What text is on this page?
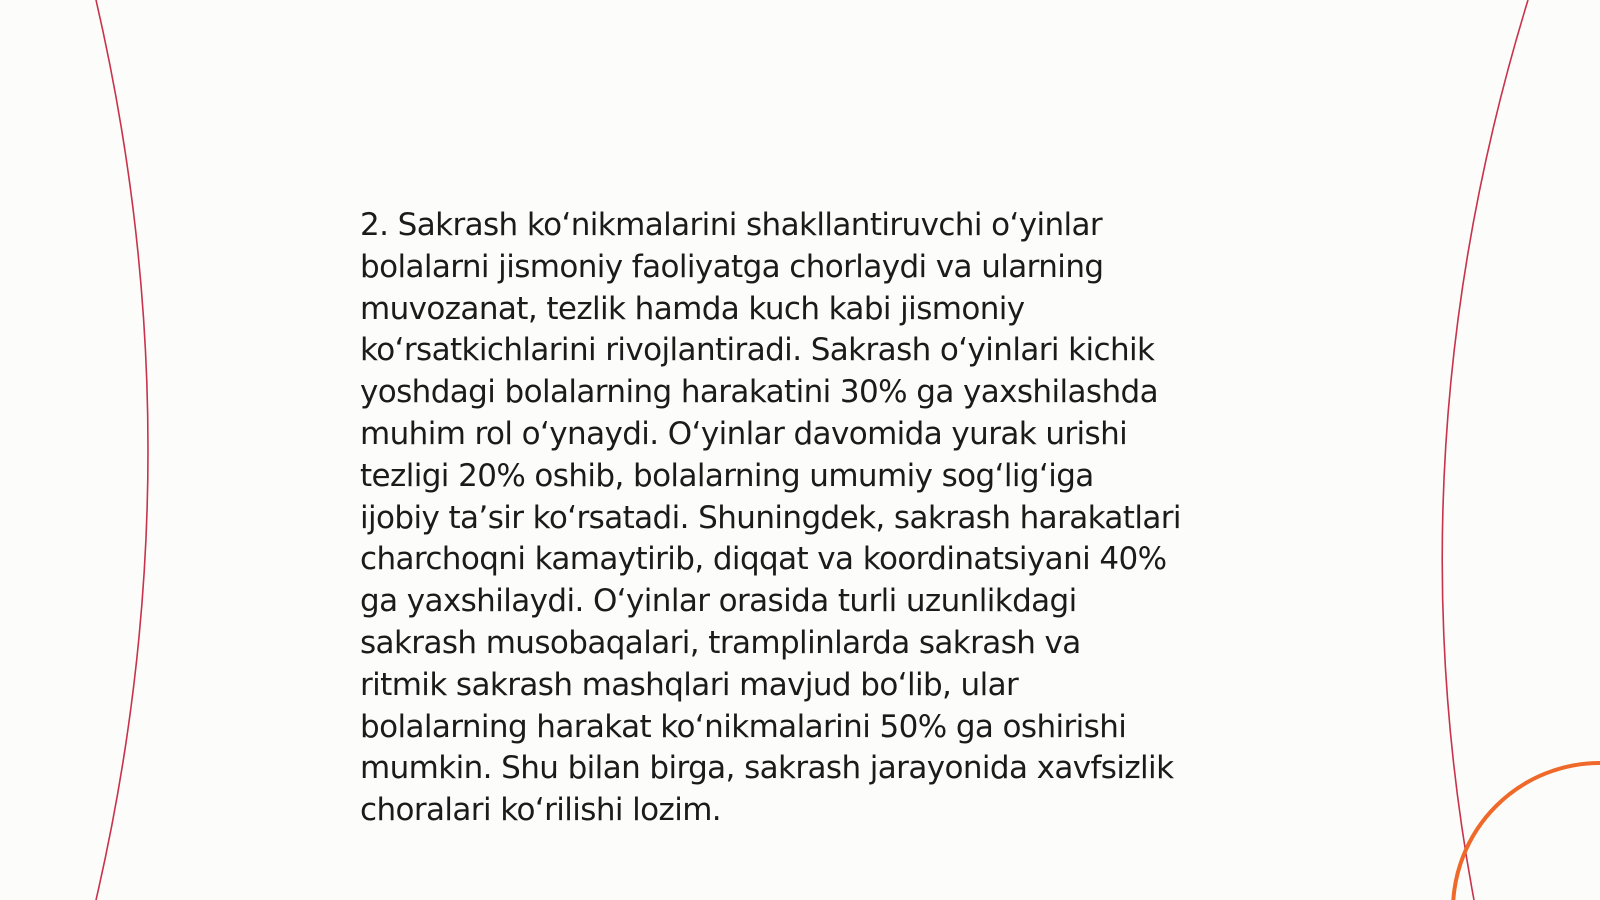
2. Sakrash ko‘nikmalarini shakllantiruvchi o‘yinlar
bolalarni jismoniy faoliyatga chorlaydi va ularning
muvozanat, tezlik hamda kuch kabi jismoniy
ko‘rsatkichlarini rivojlantiradi. Sakrash o‘yinlari kichik
yoshdagi bolalarning harakatini 30% ga yaxshilashda
muhim rol o‘ynaydi. O‘yinlar davomida yurak urishi
tezligi 20% oshib, bolalarning umumiy sog‘lig‘iga
ijobiy ta’sir ko‘rsatadi. Shuningdek, sakrash harakatlari
charchoqni kamaytirib, diqqat va koordinatsiyani 40%
ga yaxshilaydi. O‘yinlar orasida turli uzunlikdagi
sakrash musobaqalari, tramplinlarda sakrash va
ritmik sakrash mashqlari mavjud bo‘lib, ular
bolalarning harakat ko‘nikmalarini 50% ga oshirishi
mumkin. Shu bilan birga, sakrash jarayonida xavfsizlik
choralari ko‘rilishi lozim.
